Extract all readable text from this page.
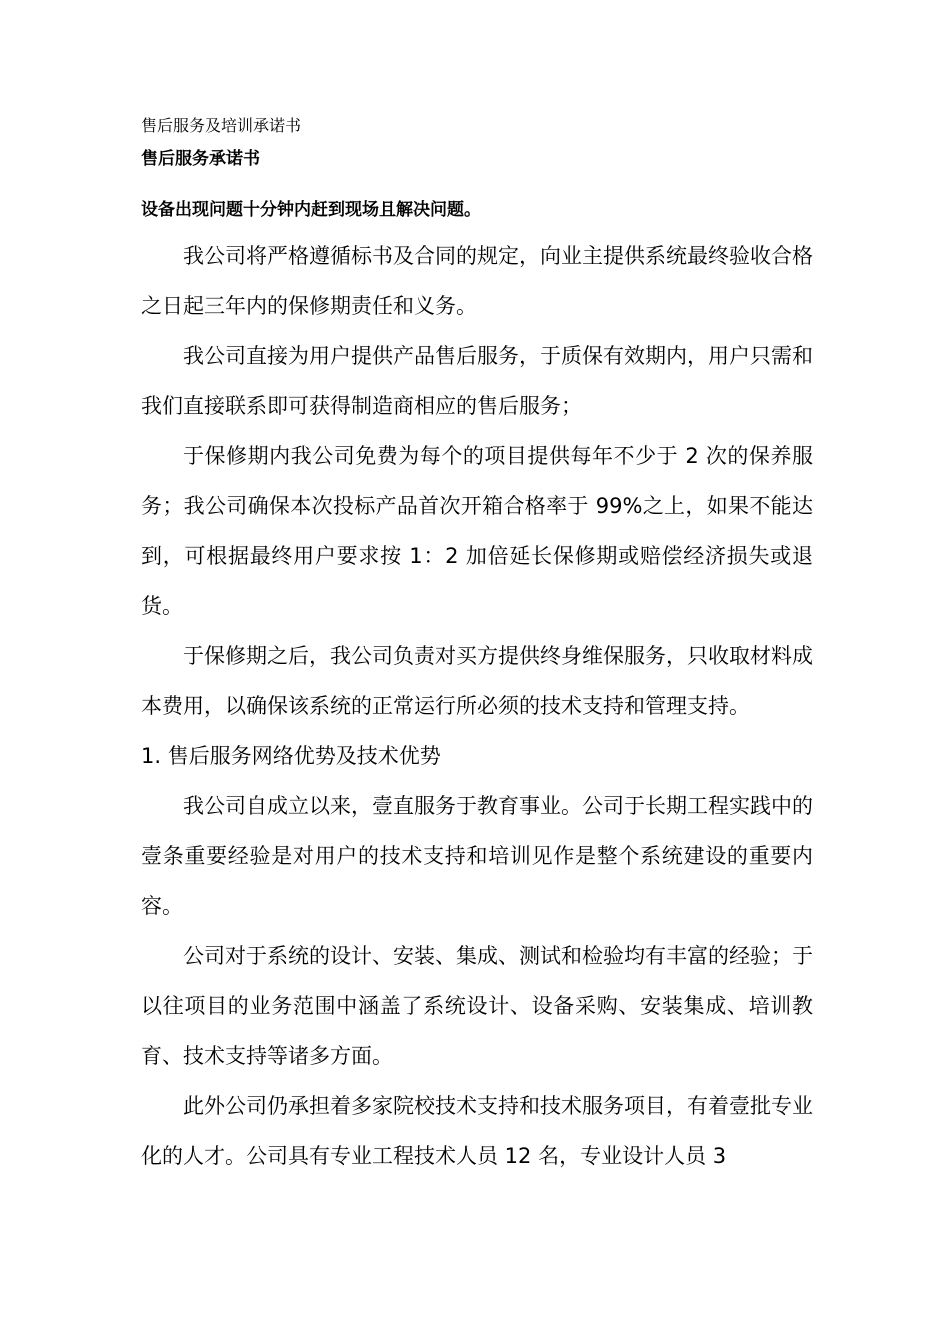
售后服务及培训承诺书
售后服务承诺书
设备出现问题十分钟内赶到现场且解决问题。

我公司将严格遵循标书及合同的规定，向业主提供系统最终验收合格之日起三年内的保修期责任和义务。

我公司直接为用户提供产品售后服务，于质保有效期内，用户只需和我们直接联系即可获得制造商相应的售后服务；

于保修期内我公司免费为每个的项目提供每年不少于 2 次的保养服务；我公司确保本次投标产品首次开箱合格率于 99%之上，如果不能达到，可根据最终用户要求按 1：2 加倍延长保修期或赔偿经济损失或退货。

于保修期之后，我公司负责对买方提供终身维保服务，只收取材料成本费用，以确保该系统的正常运行所必须的技术支持和管理支持。

1. 售后服务网络优势及技术优势

我公司自成立以来，壹直服务于教育事业。公司于长期工程实践中的壹条重要经验是对用户的技术支持和培训见作是整个系统建设的重要内容。

公司对于系统的设计、安装、集成、测试和检验均有丰富的经验；于以往项目的业务范围中涵盖了系统设计、设备采购、安装集成、培训教育、技术支持等诸多方面。

此外公司仍承担着多家院校技术支持和技术服务项目，有着壹批专业化的人才。公司具有专业工程技术人员 12 名，专业设计人员 3
